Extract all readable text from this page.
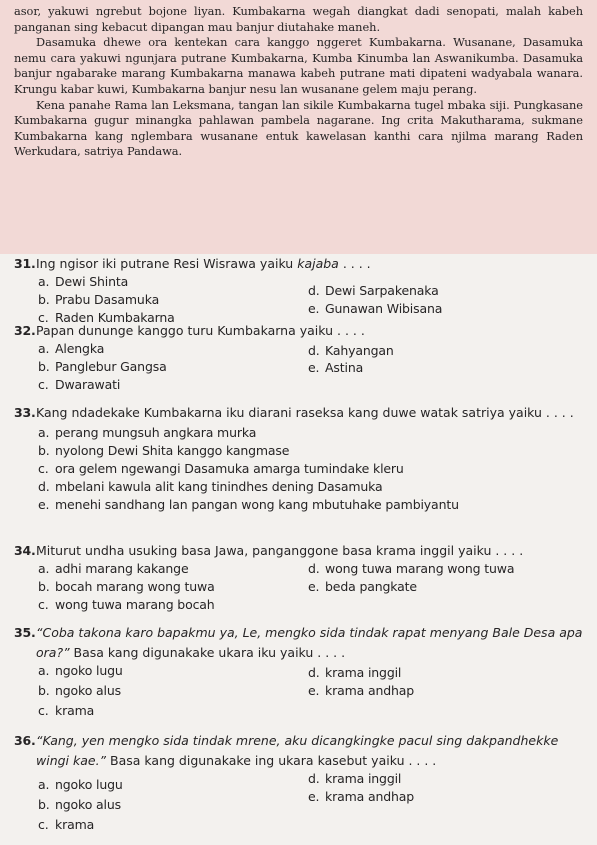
asor, yakuwi ngrebut bojone liyan. Kumbakarna wegah diangkat dadi senopati, malah kabeh panganan sing kebacut dipangan mau banjur diutahake maneh.

Dasamuka dhewe ora kentekan cara kanggo nggeret Kumbakarna. Wusanane, Dasamuka nemu cara yakuwi ngunjara putrane Kumbakarna, Kumba Kinumba lan Aswanikumba. Dasamuka banjur ngabarake marang Kumbakarna manawa kabeh putrane mati dipateni wadyabala wanara. Krungu kabar kuwi, Kumbakarna banjur nesu lan wusanane gelem maju perang.

Kena panahe Rama lan Leksmana, tangan lan sikile Kumbakarna tugel mbaka siji. Pungkasane Kumbakarna gugur minangka pahlawan pambela nagarane. Ing crita Makutharama, sukmane Kumbakarna kang nglembara wusanane entuk kawelasan kanthi cara njilma marang Raden Werkudara, satriya Pandawa.

31. Ing ngisor iki putrane Resi Wisrawa yaiku kajaba . . . .
a. Dewi Shinta
b. Prabu Dasamuka
c. Raden Kumbakarna
d. Dewi Sarpakenaka
e. Gunawan Wibisana
32. Papan dununge kanggo turu Kumbakarna yaiku . . . .
a. Alengka
b. Panglebur Gangsa
c. Dwarawati
d. Kahyangan
e. Astina
33. Kang ndadekake Kumbakarna iku diarani raseksa kang duwe watak satriya yaiku . . . .
a. perang mungsuh angkara murka
b. nyolong Dewi Shita kanggo kangmase
c. ora gelem ngewangi Dasamuka amarga tumindake kleru
d. mbelani kawula alit kang tinindhes dening Dasamuka
e. menehi sandhang lan pangan wong kang mbutuhake pambiyantu
34. Miturut undha usuking basa Jawa, panganggone basa krama inggil yaiku . . . .
a. adhi marang kakange
b. bocah marang wong tuwa
c. wong tuwa marang bocah
d. wong tuwa marang wong tuwa
e. beda pangkate
35. “Coba takona karo bapakmu ya, Le, mengko sida tindak rapat menyang Bale Desa apa ora?” Basa kang digunakake ukara iku yaiku . . . .
a. ngoko lugu
b. ngoko alus
c. krama
d. krama inggil
e. krama andhap
36. “Kang, yen mengko sida tindak mrene, aku dicangkingke pacul sing dakpandhekke wingi kae.” Basa kang digunakake ing ukara kasebut yaiku . . . .
a. ngoko lugu
b. ngoko alus
c. krama
d. krama inggil
e. krama andhap
